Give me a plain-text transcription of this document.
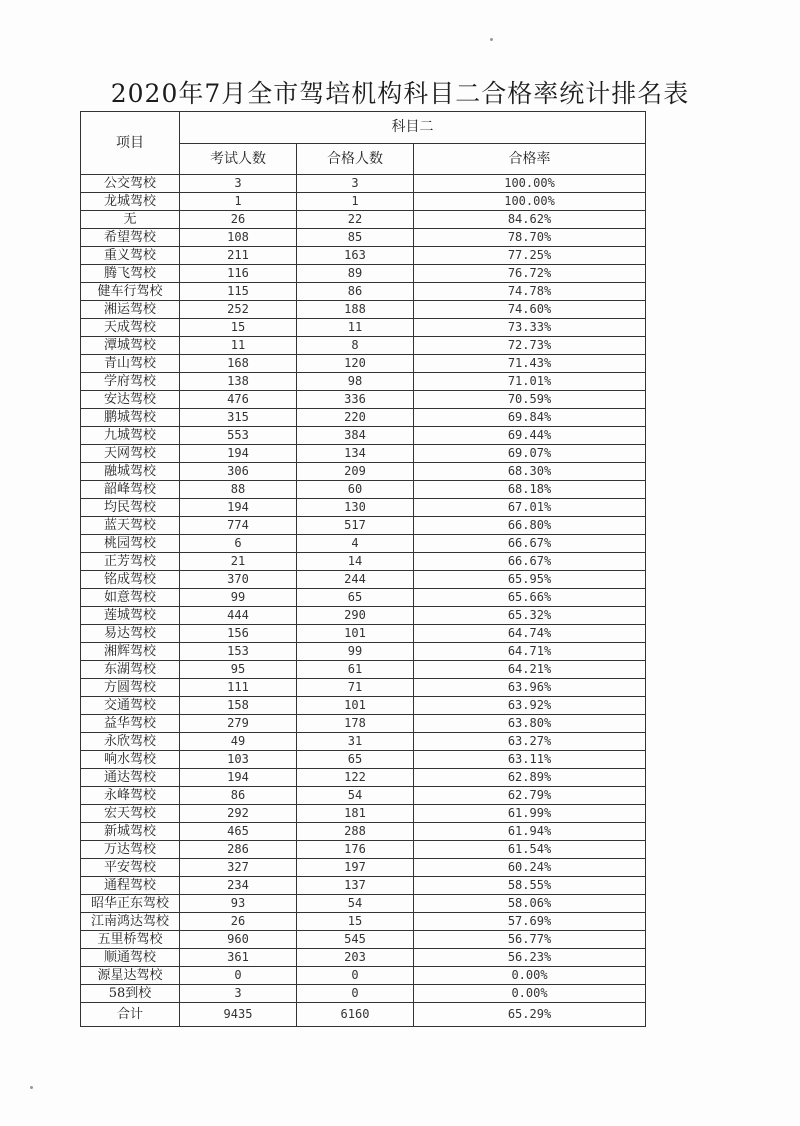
2020年7月全市驾培机构科目二合格率统计排名表
项目	科目二		
	考试人数	合格人数	合格率
公交驾校	3	3	100.00%
龙城驾校	1	1	100.00%
无	26	22	84.62%
希望驾校	108	85	78.70%
重义驾校	211	163	77.25%
腾飞驾校	116	89	76.72%
健车行驾校	115	86	74.78%
湘运驾校	252	188	74.60%
天成驾校	15	11	73.33%
潭城驾校	11	8	72.73%
青山驾校	168	120	71.43%
学府驾校	138	98	71.01%
安达驾校	476	336	70.59%
鹏城驾校	315	220	69.84%
九城驾校	553	384	69.44%
天网驾校	194	134	69.07%
融城驾校	306	209	68.30%
韶峰驾校	88	60	68.18%
均民驾校	194	130	67.01%
蓝天驾校	774	517	66.80%
桃园驾校	6	4	66.67%
正芳驾校	21	14	66.67%
铭成驾校	370	244	65.95%
如意驾校	99	65	65.66%
莲城驾校	444	290	65.32%
易达驾校	156	101	64.74%
湘辉驾校	153	99	64.71%
东湖驾校	95	61	64.21%
方圆驾校	111	71	63.96%
交通驾校	158	101	63.92%
益华驾校	279	178	63.80%
永欣驾校	49	31	63.27%
响水驾校	103	65	63.11%
通达驾校	194	122	62.89%
永峰驾校	86	54	62.79%
宏天驾校	292	181	61.99%
新城驾校	465	288	61.94%
万达驾校	286	176	61.54%
平安驾校	327	197	60.24%
通程驾校	234	137	58.55%
昭华正东驾校	93	54	58.06%
江南鸿达驾校	26	15	57.69%
五里桥驾校	960	545	56.77%
顺通驾校	361	203	56.23%
源星达驾校	0	0	0.00%
58到校	3	0	0.00%
合计	9435	6160	65.29%
